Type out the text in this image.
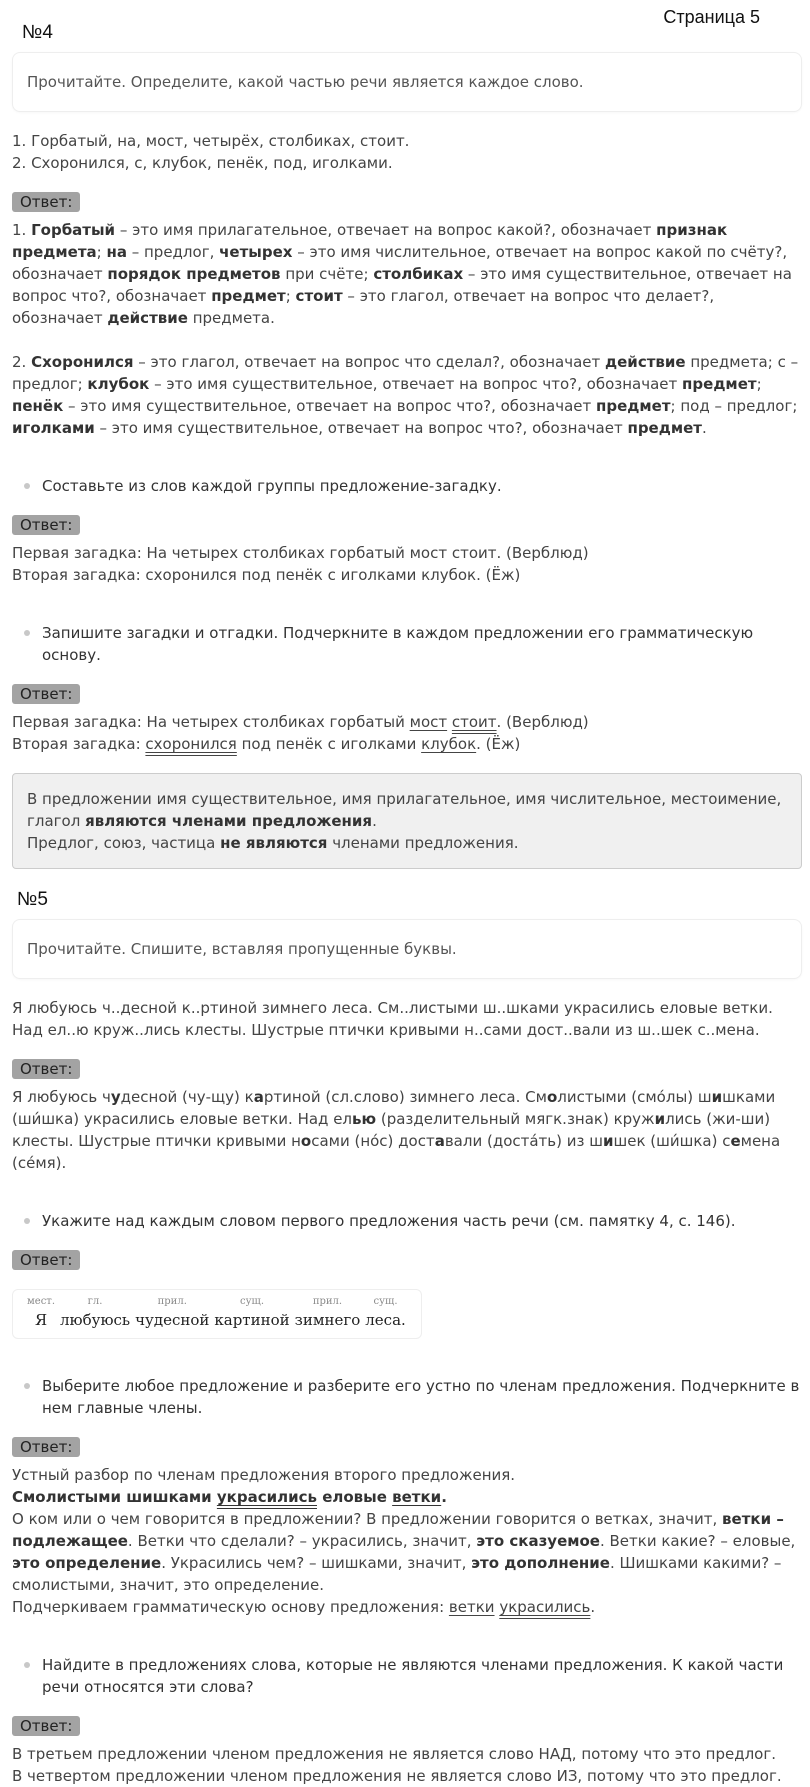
Страница 5
№4
Прочитайте. Определите, какой частью речи является каждое слово.

1. Горбатый, на, мост, четырёх, столбиках, стоит.

2. Схоронился, с, клубок, пенёк, под, иголками.

Ответ:

1. Горбатый – это имя прилагательное, отвечает на вопрос какой?, обозначает признак предмета; на – предлог, четырех – это имя числительное, отвечает на вопрос какой по счёту?, обозначает порядок предметов при счёте; столбиках – это имя существительное, отвечает на вопрос что?, обозначает предмет; стоит – это глагол, отвечает на вопрос что делает?, обозначает действие предмета.

2. Схоронился – это глагол, отвечает на вопрос что сделал?, обозначает действие предмета; с – предлог; клубок – это имя существительное, отвечает на вопрос что?, обозначает предмет; пенёк – это имя существительное, отвечает на вопрос что?, обозначает предмет; под – предлог; иголками – это имя существительное, отвечает на вопрос что?, обозначает предмет.

Составьте из слов каждой группы предложение-загадку.
Ответ:

Первая загадка: На четырех столбиках горбатый мост стоит. (Верблюд)

Вторая загадка: схоронился под пенёк с иголками клубок. (Ёж)

Запишите загадки и отгадки. Подчеркните в каждом предложении его грамматическую основу.
Ответ:

Первая загадка: На четырех столбиках горбатый мост стоит. (Верблюд)

Вторая загадка: схоронился под пенёк с иголками клубок. (Ёж)

В предложении имя существительное, имя прилагательное, имя числительное, местоимение, глагол являются членами предложения.

Предлог, союз, частица не являются членами предложения.

№5
Прочитайте. Спишите, вставляя пропущенные буквы.

Я любуюсь ч..десной к..ртиной зимнего леса. См..листыми ш..шками украсились еловые ветки. Над ел..ю круж..лись клесты. Шустрые птички кривыми н..сами дост..вали из ш..шек с..мена.

Ответ:

Я любуюсь чудесной (чу-щу) картиной (сл.слово) зимнего леса. Смолистыми (смóлы) шишками (ши́шка) украсились еловые ветки. Над елью (разделительный мягк.знак) кружились (жи-ши) клесты. Шустрые птички кривыми носами (нóс) доставали (достáть) из шишек (ши́шка) семена (се́мя).

Укажите над каждым словом первого предложения часть речи (см. памятку 4, с. 146).
Ответ:
мест.
Я
гл.
любуюсь
прил.
чудесной
сущ.
картиной
прил.
зимнего
сущ.
леса.
Выберите любое предложение и разберите его устно по членам предложения. Подчеркните в нем главные члены.
Ответ:

Устный разбор по членам предложения второго предложения.

Смолистыми шишками украсились еловые ветки.

О ком или о чем говорится в предложении? В предложении говорится о ветках, значит, ветки – подлежащее. Ветки что сделали? – украсились, значит, это сказуемое. Ветки какие? – еловые, это определение. Украсились чем? – шишками, значит, это дополнение. Шишками какими? – смолистыми, значит, это определение.

Подчеркиваем грамматическую основу предложения: ветки украсились.

Найдите в предложениях слова, которые не являются членами предложения. К какой части речи относятся эти слова?
Ответ:

В третьем предложении членом предложения не является слово НАД, потому что это предлог.

В четвертом предложении членом предложения не является слово ИЗ, потому что это предлог.
